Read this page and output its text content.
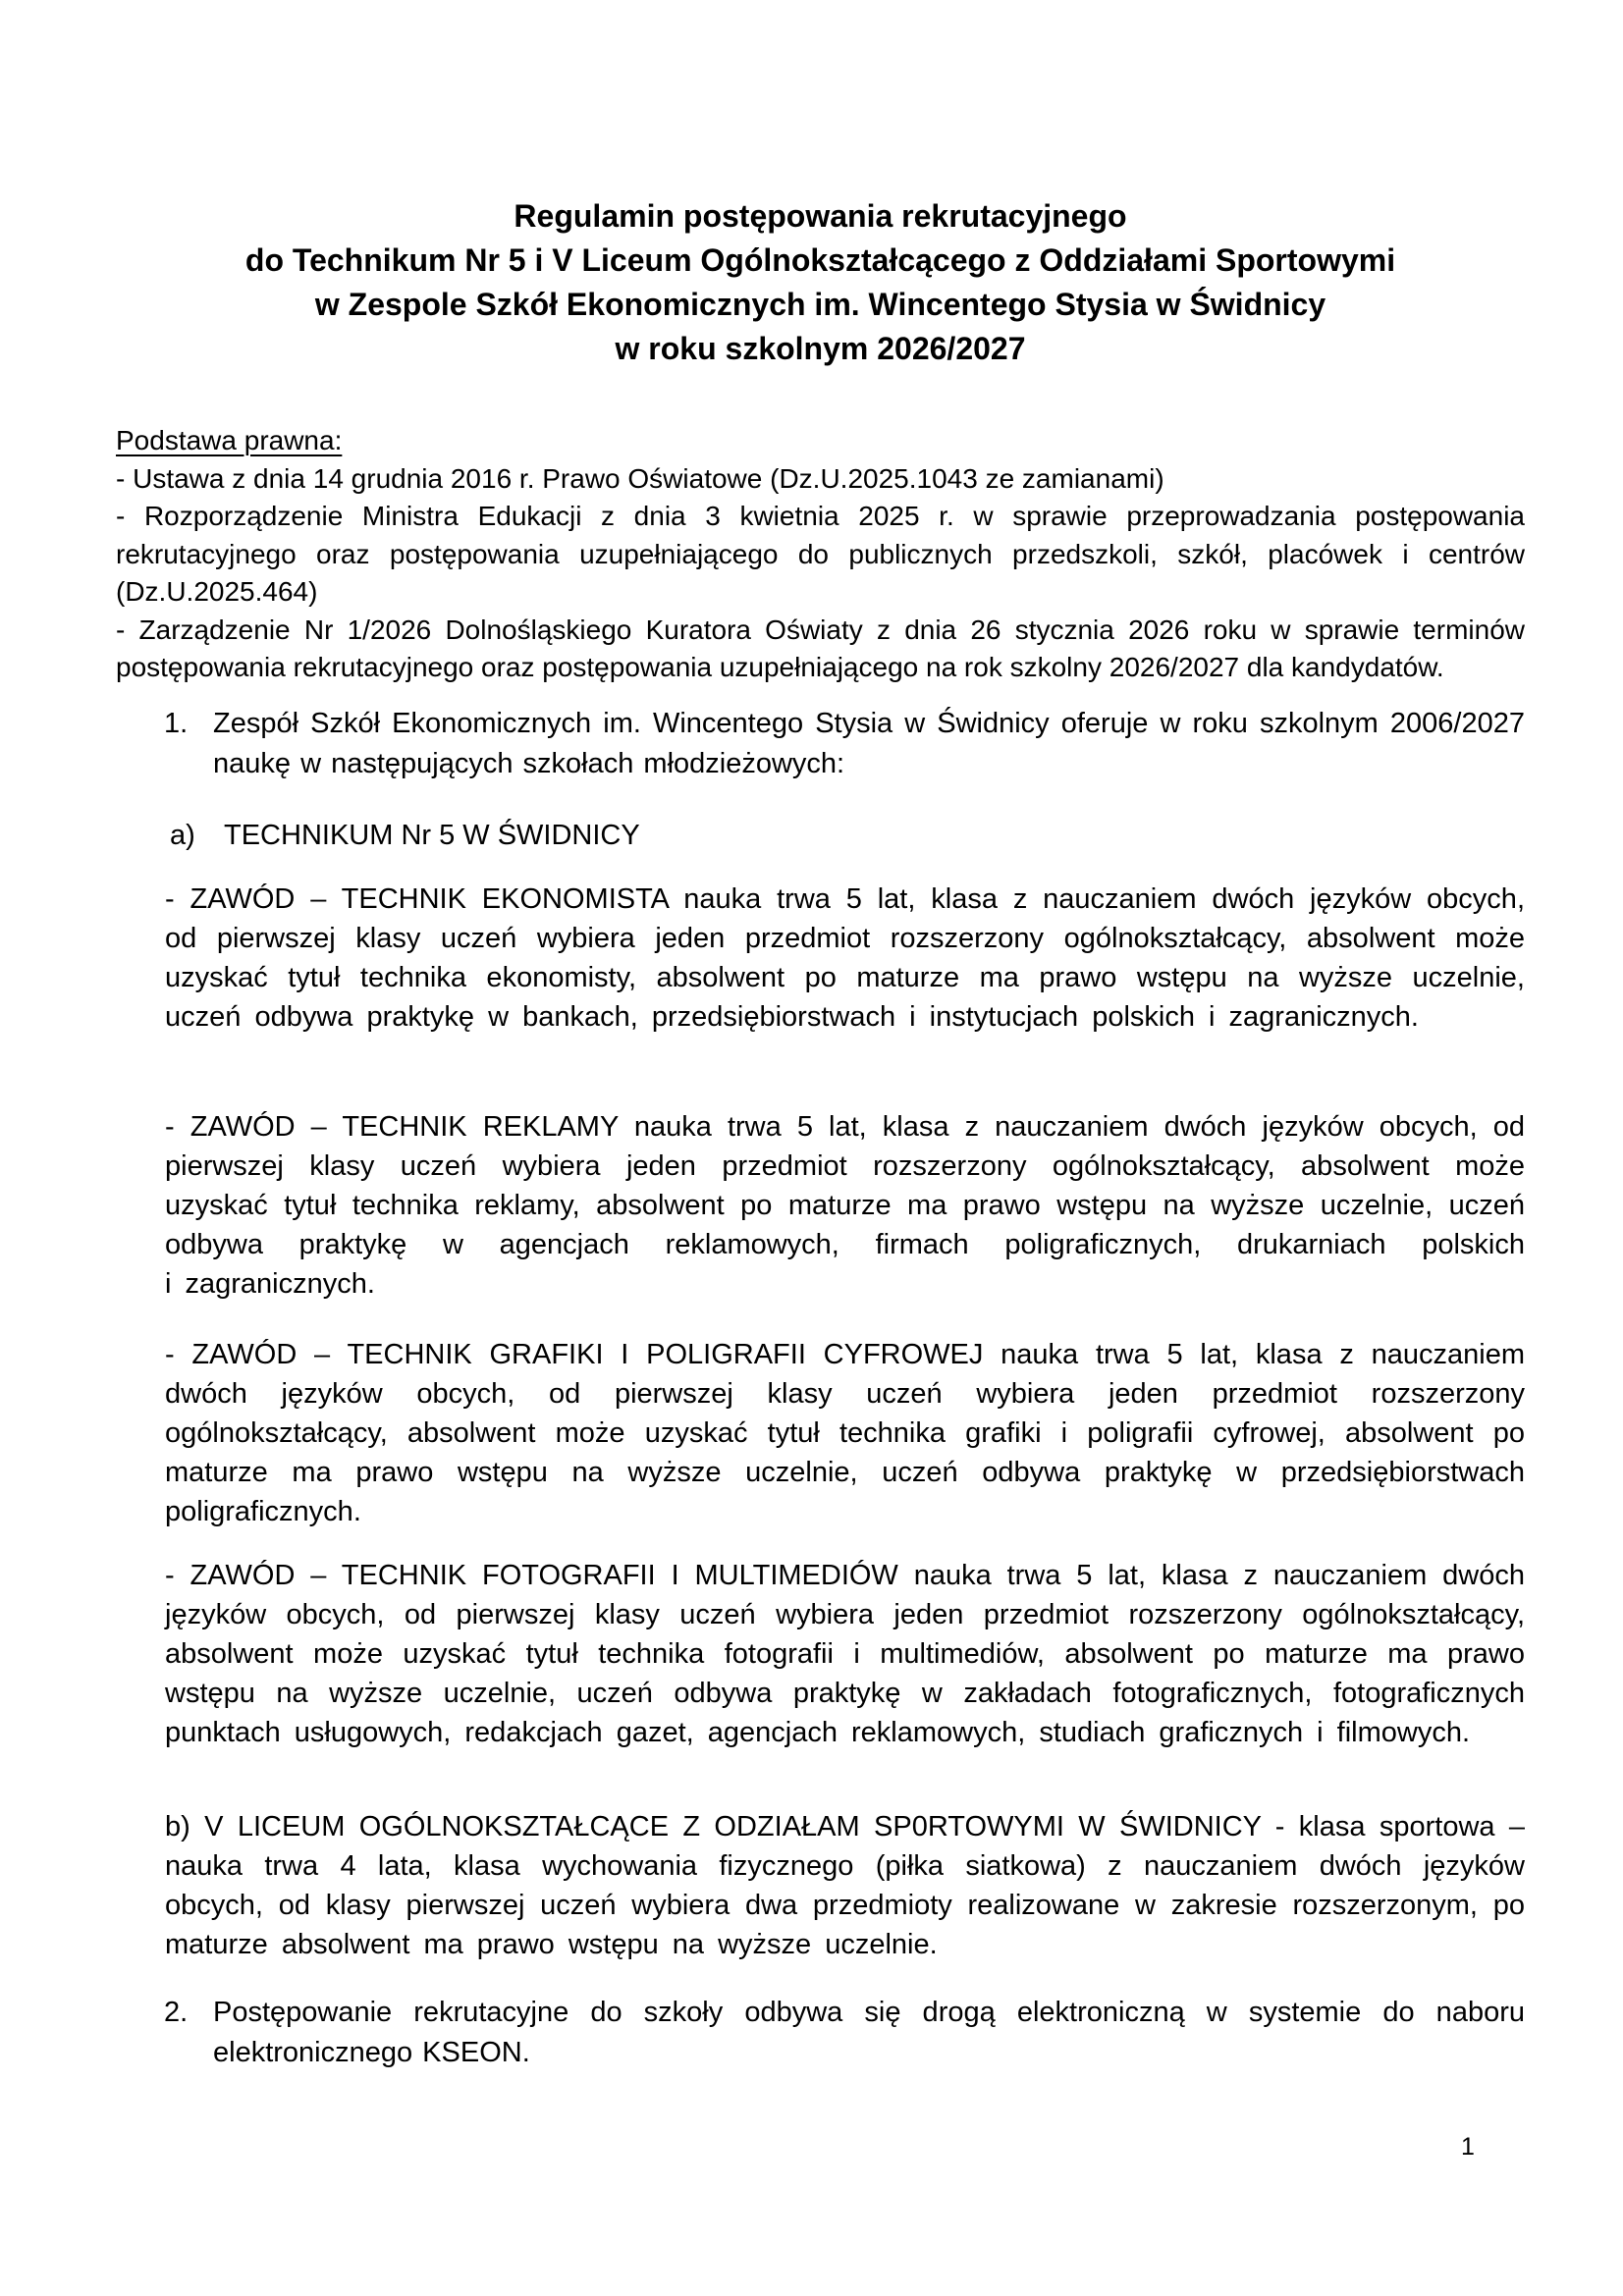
Regulamin postępowania rekrutacyjnego
do Technikum Nr 5 i V Liceum Ogólnokształcącego z Oddziałami Sportowymi
w Zespole Szkół Ekonomicznych im. Wincentego Stysia w Świdnicy
w roku szkolnym 2026/2027
Podstawa prawna:

- Ustawa z dnia 14 grudnia 2016 r. Prawo Oświatowe (Dz.U.2025.1043 ze zamianami)

- Rozporządzenie Ministra Edukacji z dnia 3 kwietnia 2025 r. w sprawie przeprowadzania postępowania rekrutacyjnego oraz postępowania uzupełniającego do publicznych przedszkoli, szkół, placówek i centrów (Dz.U.2025.464)

- Zarządzenie Nr 1/2026 Dolnośląskiego Kuratora Oświaty z dnia 26 stycznia 2026 roku w sprawie terminów postępowania rekrutacyjnego oraz postępowania uzupełniającego na rok szkolny 2026/2027 dla kandydatów.

1. Zespół Szkół Ekonomicznych im. Wincentego Stysia w Świdnicy oferuje w roku szkolnym 2006/2027 naukę w następujących szkołach młodzieżowych:
a)	TECHNIKUM Nr 5 W ŚWIDNICY
- ZAWÓD – TECHNIK EKONOMISTA nauka trwa 5 lat, klasa z nauczaniem dwóch języków obcych, od pierwszej klasy uczeń wybiera jeden przedmiot rozszerzony ogólnokształcący, absolwent może uzyskać tytuł technika ekonomisty, absolwent po maturze ma prawo wstępu na wyższe uczelnie, uczeń odbywa praktykę w bankach, przedsiębiorstwach i instytucjach polskich i zagranicznych.
- ZAWÓD – TECHNIK REKLAMY nauka trwa 5 lat, klasa z nauczaniem dwóch języków obcych, od pierwszej klasy uczeń wybiera jeden przedmiot rozszerzony ogólnokształcący, absolwent może uzyskać tytuł technika reklamy, absolwent po maturze ma prawo wstępu na wyższe uczelnie, uczeń odbywa praktykę w agencjach reklamowych, firmach poligraficznych, drukarniach polskich i zagranicznych.
- ZAWÓD – TECHNIK GRAFIKI I POLIGRAFII CYFROWEJ nauka trwa 5 lat, klasa z nauczaniem dwóch języków obcych, od pierwszej klasy uczeń wybiera jeden przedmiot rozszerzony ogólnokształcący, absolwent może uzyskać tytuł technika grafiki i poligrafii cyfrowej, absolwent po maturze ma prawo wstępu na wyższe uczelnie, uczeń odbywa praktykę w przedsiębiorstwach poligraficznych.
- ZAWÓD – TECHNIK FOTOGRAFII I MULTIMEDIÓW nauka trwa 5 lat, klasa z nauczaniem dwóch języków obcych, od pierwszej klasy uczeń wybiera jeden przedmiot rozszerzony ogólnokształcący, absolwent może uzyskać tytuł technika fotografii i multimediów, absolwent po maturze ma prawo wstępu na wyższe uczelnie, uczeń odbywa praktykę w zakładach fotograficznych, fotograficznych punktach usługowych, redakcjach gazet, agencjach reklamowych, studiach graficznych i filmowych.
b) V LICEUM OGÓLNOKSZTAŁCĄCE Z ODZIAŁAM SP0RTOWYMI W ŚWIDNICY - klasa sportowa – nauka trwa 4 lata, klasa wychowania fizycznego (piłka siatkowa) z nauczaniem dwóch języków obcych, od klasy pierwszej uczeń wybiera dwa przedmioty realizowane w zakresie rozszerzonym, po maturze absolwent ma prawo wstępu na wyższe uczelnie.
2. Postępowanie rekrutacyjne do szkoły odbywa się drogą elektroniczną w systemie do naboru elektronicznego KSEON.
1
